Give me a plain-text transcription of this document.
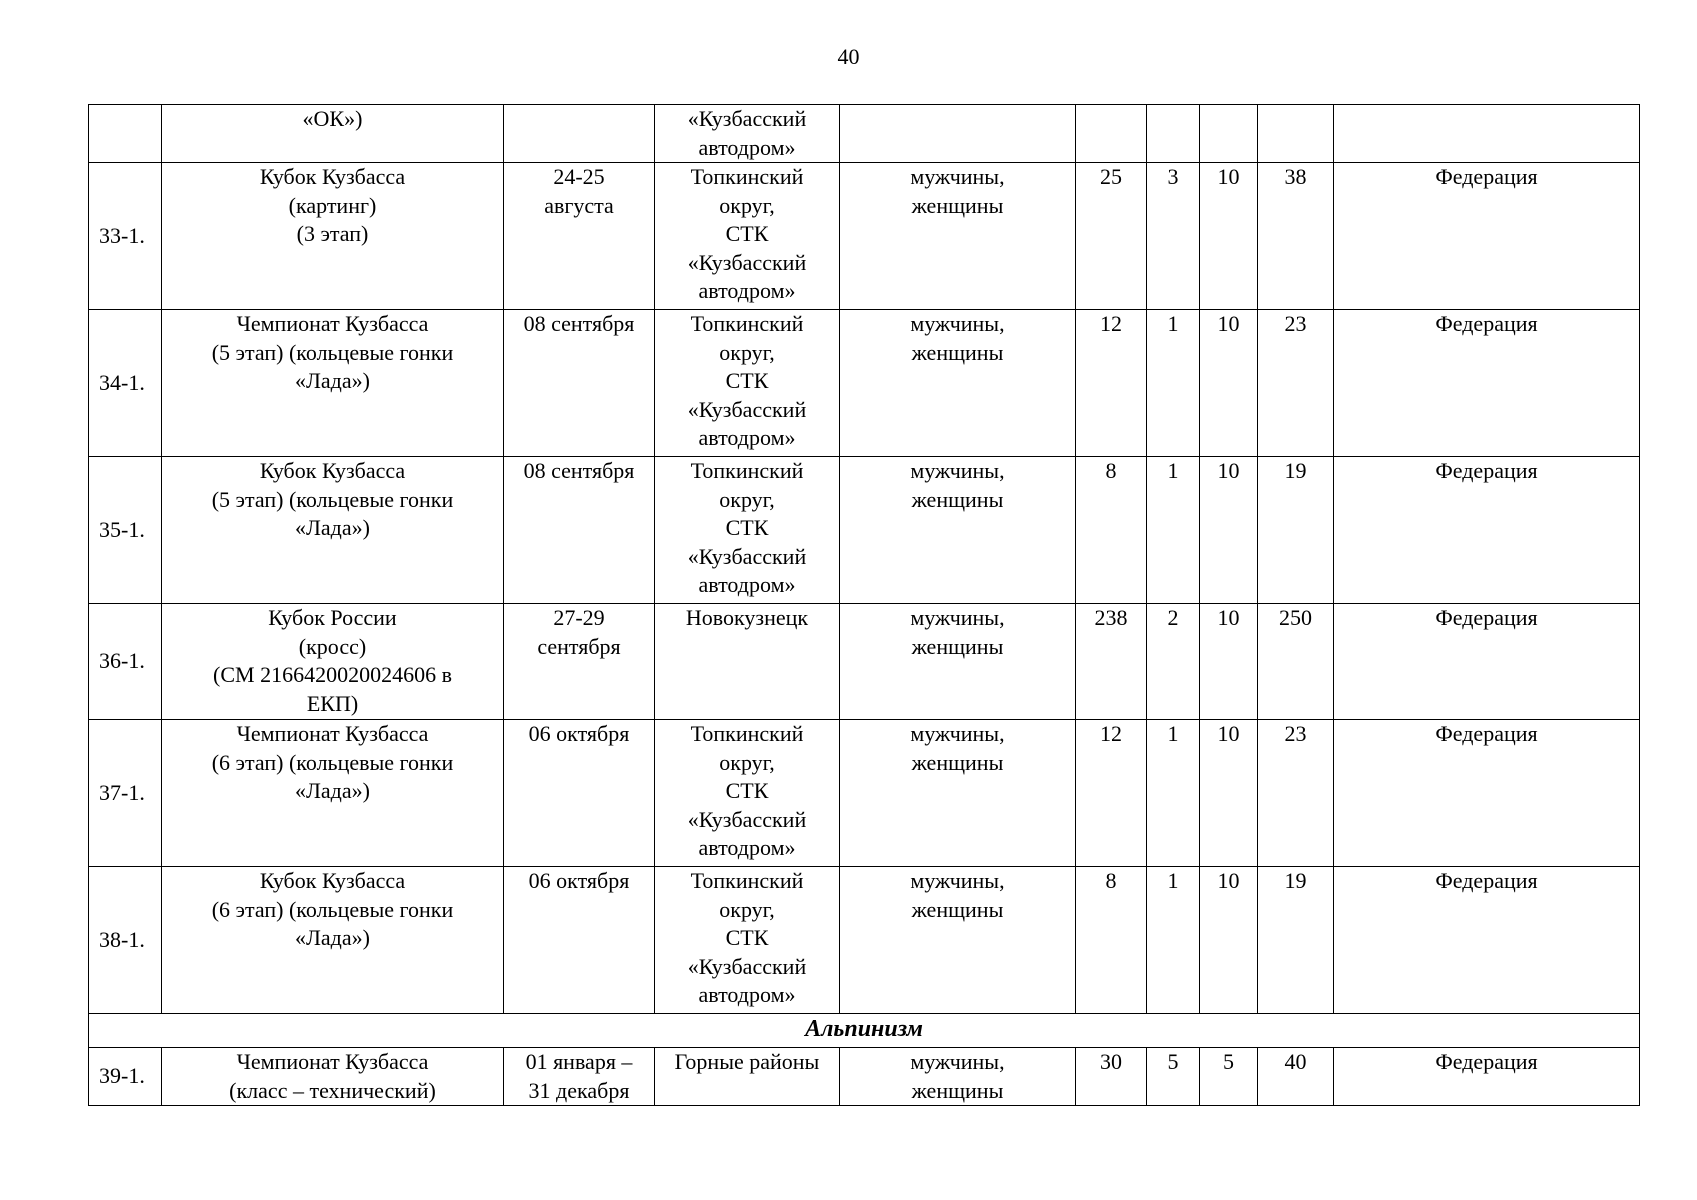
40
	«ОК»)		«Кузбасский
автодром»						
33-1.	Кубок Кузбасса
(картинг)
(3 этап)	24-25
августа	Топкинский
округ,
СТК
«Кузбасский
автодром»	мужчины,
женщины	25	3	10	38	Федерация
34-1.	Чемпионат Кузбасса
(5 этап) (кольцевые гонки
«Лада»)	08 сентября	Топкинский
округ,
СТК
«Кузбасский
автодром»	мужчины,
женщины	12	1	10	23	Федерация
35-1.	Кубок Кузбасса
(5 этап) (кольцевые гонки
«Лада»)	08 сентября	Топкинский
округ,
СТК
«Кузбасский
автодром»	мужчины,
женщины	8	1	10	19	Федерация
36-1.	Кубок России
(кросс)
(СМ 2166420020024606 в
ЕКП)	27-29
сентября	Новокузнецк	мужчины,
женщины	238	2	10	250	Федерация
37-1.	Чемпионат Кузбасса
(6 этап) (кольцевые гонки
«Лада»)	06 октября	Топкинский
округ,
СТК
«Кузбасский
автодром»	мужчины,
женщины	12	1	10	23	Федерация
38-1.	Кубок Кузбасса
(6 этап) (кольцевые гонки
«Лада»)	06 октября	Топкинский
округ,
СТК
«Кузбасский
автодром»	мужчины,
женщины	8	1	10	19	Федерация
Альпинизм									
39-1.	Чемпионат Кузбасса
(класс – технический)	01 января –
31 декабря	Горные районы	мужчины,
женщины	30	5	5	40	Федерация
